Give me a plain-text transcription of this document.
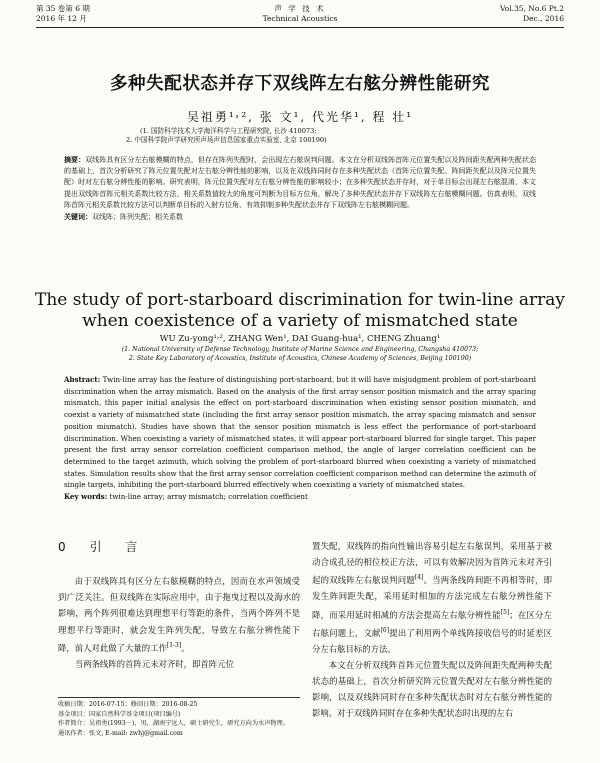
第 35 卷第 6 期
2016 年 12 月
声 学 技 术
Technical Acoustics
Vol.35, No.6 Pt.2
Dec., 2016
多种失配状态并存下双线阵左右舷分辨性能研究
吴祖勇¹˒², 张 文¹, 代光华¹, 程 壮¹
(1. 国防科学技术大学海洋科学与工程研究院, 长沙 410073;
2. 中国科学院声学研究所声场声信息国家重点实验室, 北京 100190)

摘要：双线阵具有区分左右舷模糊的特点，但存在阵列失配时，会出现左右舷误判问题。本文在分析双线阵首阵元位置失配以及阵间距失配两种失配状态的基础上，首次分析研究了阵元位置失配对左右舷分辨性能的影响，以及在双线阵同时存在多种失配状态（首阵元位置失配、阵间距失配以及阵元位置失配）时对左右舷分辨性能的影响。研究表明，阵元位置失配对左右舷分辨性能的影响较小；在多种失配状态并存时，对于单目标会出现左右舷混淆，本文提出双线阵首阵元相关系数比较方法，相关系数值较大的角度可判断为目标方位角，解决了多种失配状态并存下双线阵左右舷模糊问题。仿真表明，双线阵首阵元相关系数比较方法可以判断单目标的入射方位角，有效抑制多种失配状态并存下双线阵左右舷模糊问题。

关键词：双线阵；阵列失配；相关系数

The study of port-starboard discrimination for twin-line array
when coexistence of a variety of mismatched state
WU Zu-yong¹˒², ZHANG Wen¹, DAI Guang-hua¹, CHENG Zhuang¹
(1. National University of Defense Technology, Institute of Marine Science and Engineering, Changsha 410073;
2. State Key Laboratory of Acoustics, Institute of Acoustics, Chinese Academy of Sciences, Beijing 100190)

Abstract: Twin-line array has the feature of distinguishing port-starboard, but it will have misjudgment problem of port-starboard discrimination when the array mismatch. Based on the analysis of the first array sensor position mismatch and the array spacing mismatch, this paper initial analysis the effect on port-starboard discrimination when existing sensor position mismatch, and coexist a variety of mismatched state (including the first array sensor position mismatch, the array spacing mismatch and sensor position mismatch). Studies have shown that the sensor position mismatch is less effect the performance of port-starboard discrimination. When coexisting a variety of mismatched states, it will appear port-starboard blurred for single target. This paper present the first array sensor correlation coefficient comparison method, the angle of larger correlation coefficient can be determined to the target azimuth, which solving the problem of port-starboard blurred when coexisting a variety of mismatched states. Simulation results show that the first array sensor correlation coefficient comparison method can determine the azimuth of single targets, inhibiting the port-starboard blurred effectively when coexisting a variety of mismatched states.

Key words: twin-line array; array mismatch; correlation coefficient

0 引 言

由于双线阵具有区分左右舷模糊的特点，因而在水声领域受到广泛关注。但双线阵在实际应用中，由于拖曳过程以及海水的影响，两个阵列很难达到理想平行等距的条件，当两个阵列不是理想平行等距时，就会发生阵列失配，导致左右舷分辨性能下降，前人对此做了大量的工作[1-3]。

当两条线阵的首阵元未对齐时，即首阵元位

置失配，双线阵的指向性输出容易引起左右舷误判，采用基于被动合成孔径的相位校正方法，可以有效解决因为首阵元未对齐引起的双线阵左右舷误判问题[4]。当两条线阵间距不再相等时，即发生阵间距失配，采用延时相加的方法完成左右舷分辨性能下降，而采用延时相减的方法会提高左右舷分辨性能[5]；在区分左右舷问题上，文献[6]提出了利用两个单线阵接收信号的时延差区分左右舷目标的方法。

本文在分析双线阵首阵元位置失配以及阵间距失配两种失配状态的基础上，首次分析研究阵元位置失配对左右舷分辨性能的影响，以及双线阵同时存在多种失配状态时对左右舷分辨性能的影响。对于双线阵同时存在多种失配状态时出现的左右

收稿日期：2016-07-15；修回日期：2016-08-25
基金项目：国家自然科学基金项目(项目编号)
作者简介：吴祖勇(1993－)，男，湖南宁远人，硕士研究生，研究方向为水声物理。
通讯作者：张文, E-mail: zwhj@gmail.com
